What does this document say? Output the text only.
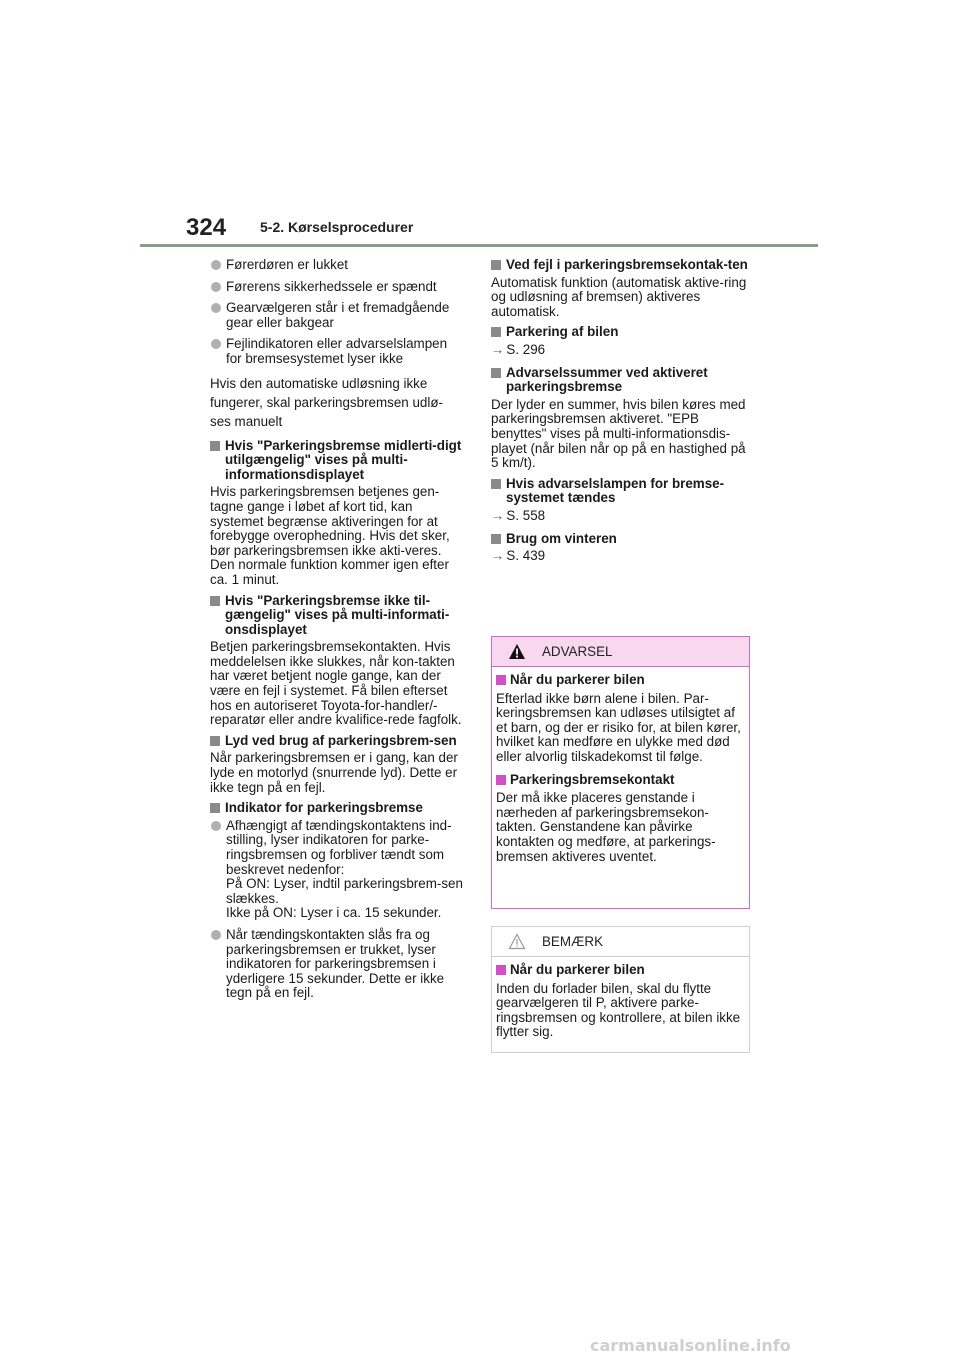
324 5-2. Kørselsprocedurer
Førerdøren er lukket
Førerens sikkerhedssele er spændt
Gearvælgeren står i et fremadgående gear eller bakgear
Fejlindikatoren eller advarselslampen for bremsesystemet lyser ikke
Hvis den automatiske udløsning ikke
fungerer, skal parkeringsbremsen udlø-
ses manuelt
Hvis "Parkeringsbremse midlerti-digt utilgængelig" vises på multi-informationsdisplayet
Hvis parkeringsbremsen betjenes gen-tagne gange i løbet af kort tid, kan systemet begrænse aktiveringen for at forebygge overophedning. Hvis det sker, bør parkeringsbremsen ikke akti-veres. Den normale funktion kommer igen efter ca. 1 minut.
Hvis "Parkeringsbremse ikke til-gængelig" vises på multi-informati-onsdisplayet
Betjen parkeringsbremsekontakten. Hvis meddelelsen ikke slukkes, når kon-takten har været betjent nogle gange, kan der være en fejl i systemet. Få bilen efterset hos en autoriseret Toyota-for-handler/-reparatør eller andre kvalifice-rede fagfolk.
Lyd ved brug af parkeringsbrem-sen
Når parkeringsbremsen er i gang, kan der lyde en motorlyd (snurrende lyd). Dette er ikke tegn på en fejl.
Indikator for parkeringsbremse
Afhængigt af tændingskontaktens ind-stilling, lyser indikatoren for parke-ringsbremsen og forbliver tændt som beskrevet nedenfor:
På ON: Lyser, indtil parkeringsbrem-sen slækkes.
Ikke på ON: Lyser i ca. 15 sekunder.
Når tændingskontakten slås fra og parkeringsbremsen er trukket, lyser indikatoren for parkeringsbremsen i yderligere 15 sekunder. Dette er ikke tegn på en fejl.
Ved fejl i parkeringsbremsekontak-ten
Automatisk funktion (automatisk aktive-ring og udløsning af bremsen) aktiveres automatisk.
Parkering af bilen
→ S. 296
Advarselssummer ved aktiveret parkeringsbremse
Der lyder en summer, hvis bilen køres med parkeringsbremsen aktiveret. "EPB benyttes" vises på multi-informationsdis-playet (når bilen når op på en hastighed på 5 km/t).
Hvis advarselslampen for bremse-systemet tændes
→ S. 558
Brug om vinteren
→ S. 439
ADVARSEL
Når du parkerer bilen
Efterlad ikke børn alene i bilen. Par-keringsbremsen kan udløses utilsigtet af et barn, og der er risiko for, at bilen kører, hvilket kan medføre en ulykke med død eller alvorlig tilskadekomst til følge.
Parkeringsbremsekontakt
Der må ikke placeres genstande i nærheden af parkeringsbremsekon-takten. Genstandene kan påvirke kontakten og medføre, at parkerings-bremsen aktiveres uventet.
BEMÆRK
Når du parkerer bilen
Inden du forlader bilen, skal du flytte gearvælgeren til P, aktivere parke-ringsbremsen og kontrollere, at bilen ikke flytter sig.
carmanualsonline.info
